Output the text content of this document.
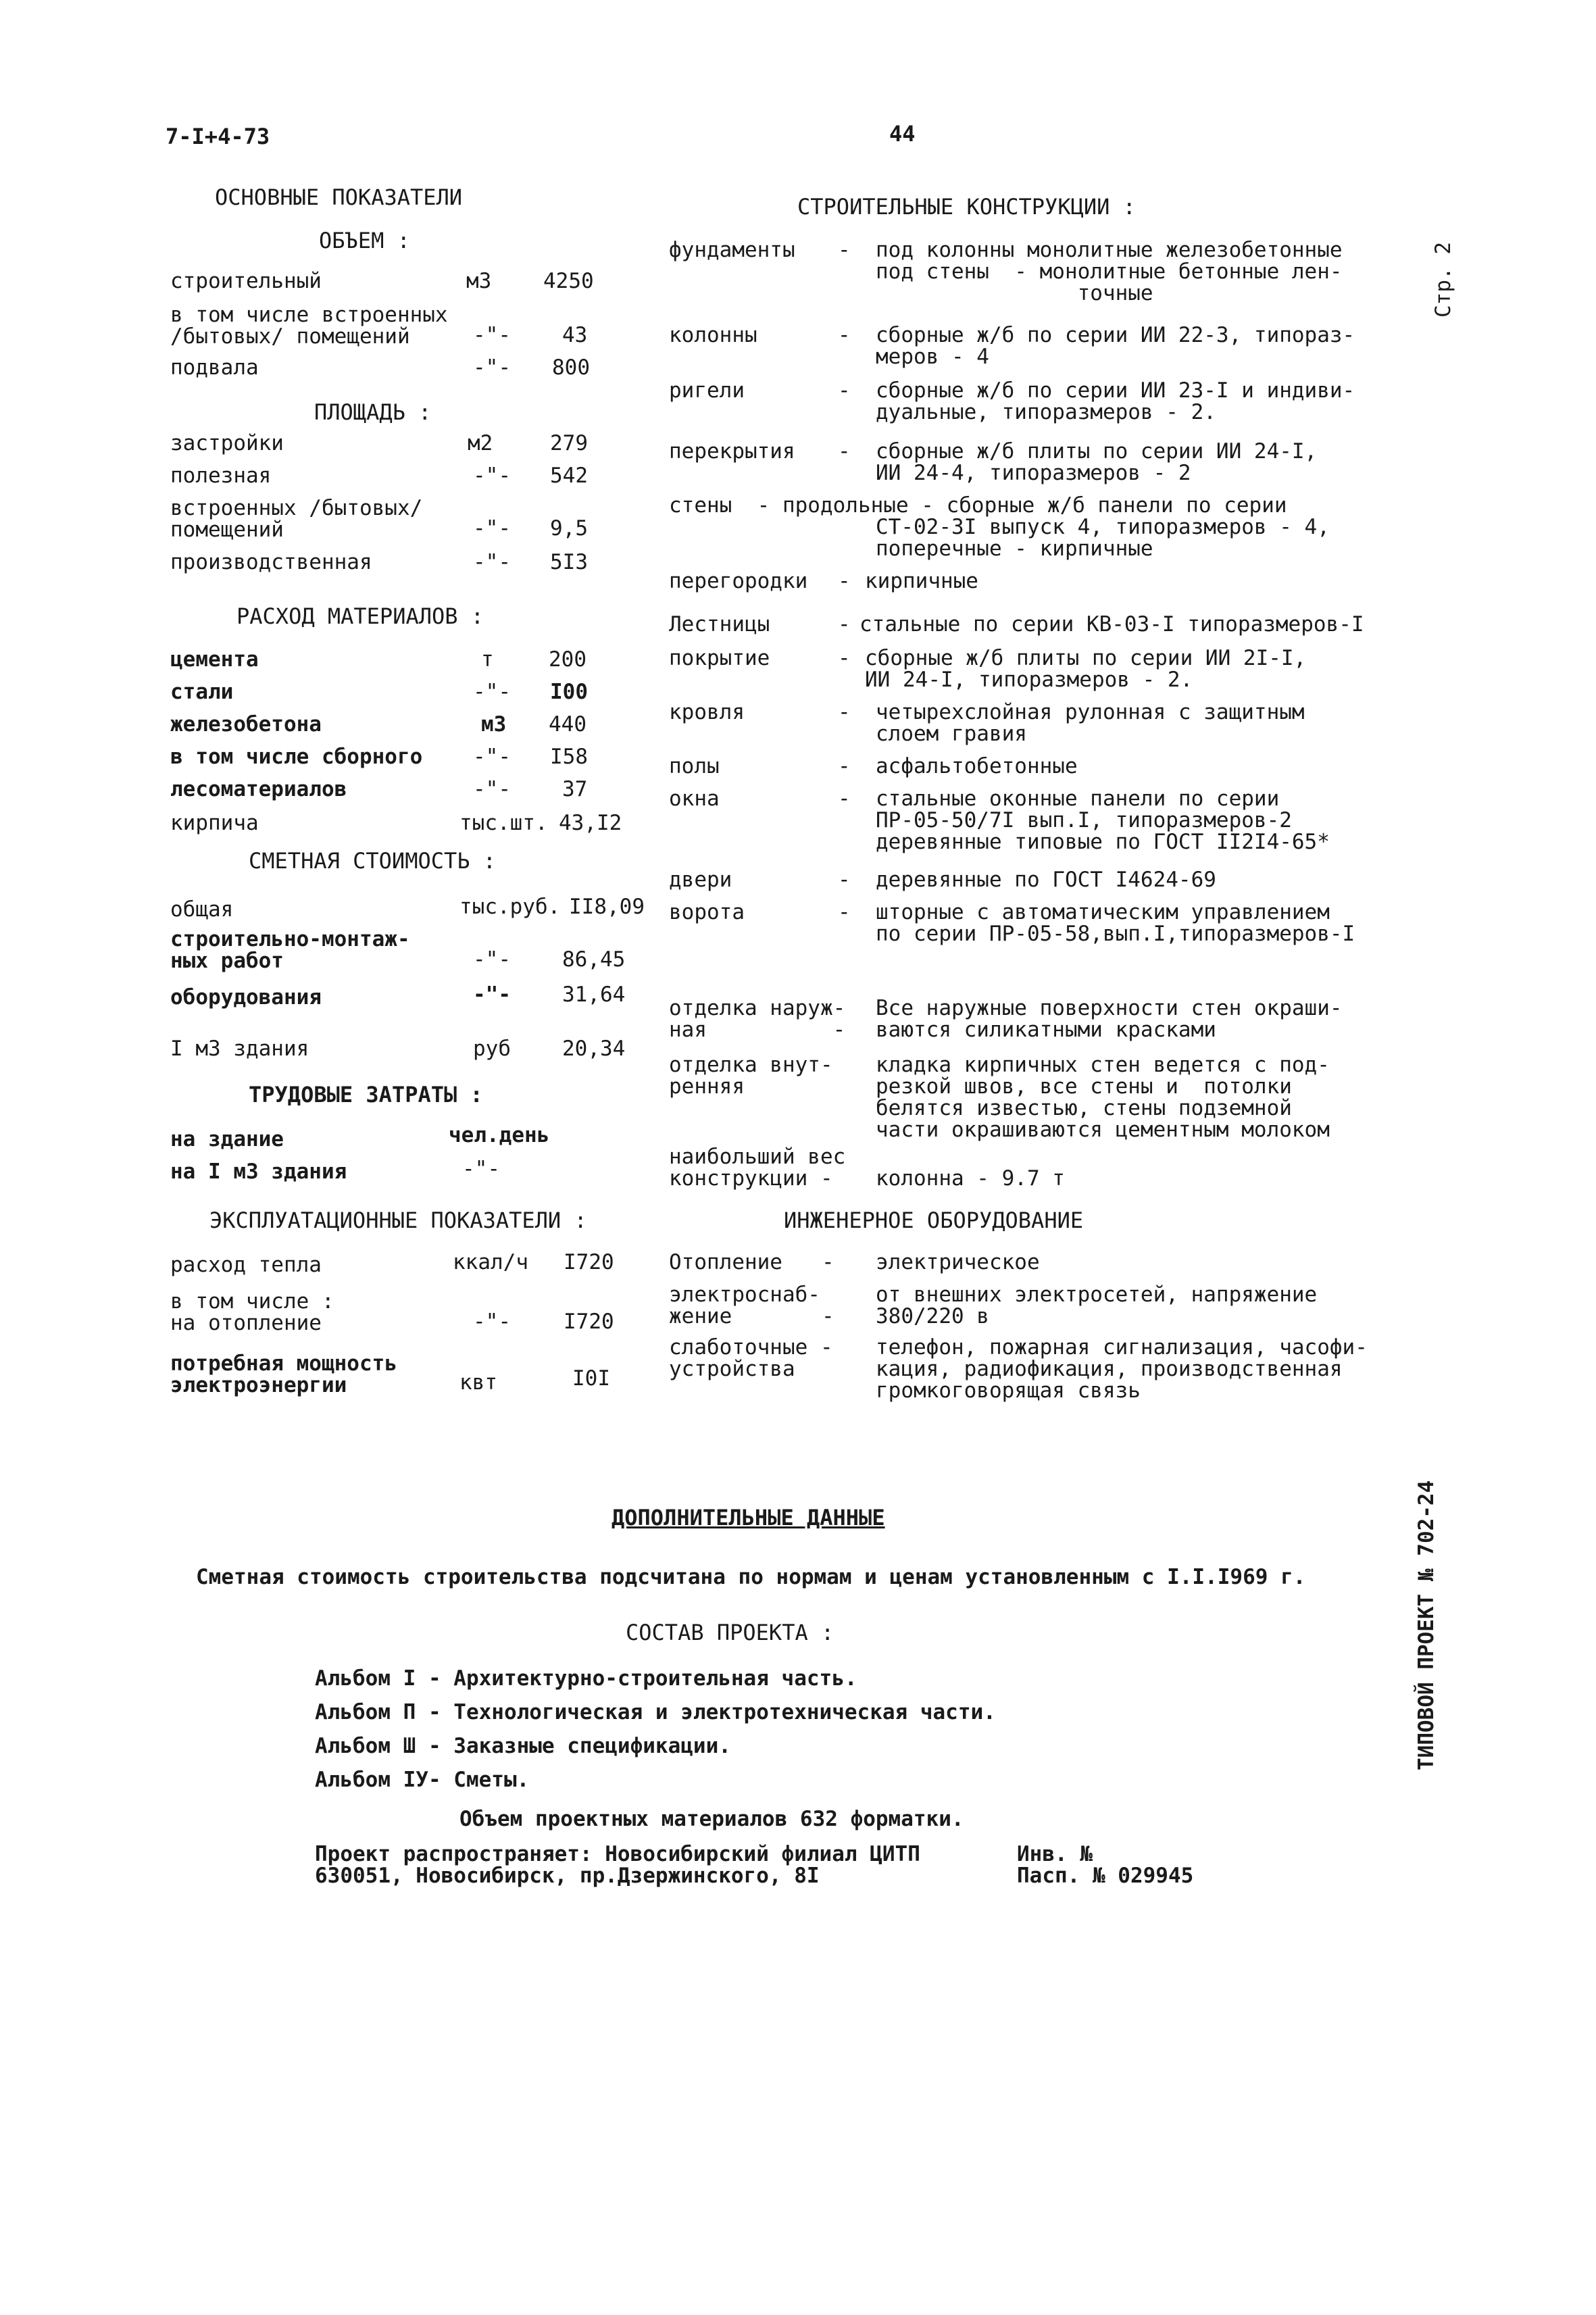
7-I+4-73	44
Стр. 2
ТИПОВОЙ ПРОЕКТ № 702-24
ОСНОВНЫЕ ПОКАЗАТЕЛИ
ОБЪЕМ :
строительный	м3 4250
в том числе встроенных
/бытовых/ помещений	-"- 43
подвала	-"- 800
ПЛОЩАДЬ :
застройки	м2	279
полезная	-"- 542
встроенных /бытовых/
помещений	-"- 9,5
производственная	-"- 5I3
РАСХОД МАТЕРИАЛОВ :
цемента	т	200
стали	-"- I00
железобетона	м3 440
в том числе сборного -"- I58
лесоматериалов	-"- 37
кирпича	тыс.шт. 43,I2
СМЕТНАЯ СТОИМОСТЬ :
общая	тыс.руб. II8,09
строительно-монтаж-
ных работ	-"- 86,45
оборудования	-"- 31,64
I м3 здания	руб 20,34
ТРУДОВЫЕ ЗАТРАТЫ :
на здание	чел.день
на I м3 здания	-"-
ЭКСПЛУАТАЦИОННЫЕ ПОКАЗАТЕЛИ :
расход тепла	ккал/ч I720
в том числе :
на отопление	-"-	I720
потребная мощность
электроэнергии	квт	I0I
СТРОИТЕЛЬНЫЕ КОНСТРУКЦИИ :
фундаменты - под колонны монолитные железобетонные
под стены  - монолитные бетонные лен-
точные
колонны	- сборные ж/б по серии ИИ 22-3, типораз-
меров - 4
ригели	- сборные ж/б по серии ИИ 23-I и индиви-
дуальные, типоразмеров - 2.
перекрытия - сборные ж/б плиты по серии ИИ 24-I,
ИИ 24-4, типоразмеров - 2
стены  - продольные - сборные ж/б панели по серии
СТ-02-3I выпуск 4, типоразмеров - 4,
поперечные - кирпичные
перегородки - кирпичные
Лестницы	- стальные по серии КВ-03-I типоразмеров-I
покрытие	- сборные ж/б плиты по серии ИИ 2I-I,
ИИ 24-I, типоразмеров - 2.
кровля	- четырехслойная рулонная с защитным
слоем гравия
полы	- асфальтобетонные
окна	- стальные оконные панели по серии
ПР-05-50/7I вып.I, типоразмеров-2
деревянные типовые по ГОСТ II2I4-65*
двери	- деревянные по ГОСТ I4624-69
ворота	- шторные с автоматическим управлением
по серии ПР-05-58,вып.I,типоразмеров-I
отделка наруж-
ная          -
Все наружные поверхности стен окраши-
ваются силикатными красками
отделка внут-
ренняя
кладка кирпичных стен ведется с под-
резкой швов, все стены и  потолки
белятся известью, стены подземной
части окрашиваются цементным молоком
наибольший вес
конструкции -	
колонна - 9.7 т
ИНЖЕНЕРНОЕ ОБОРУДОВАНИЕ
Отопление - электрическое
электроснаб-
жение	-
от внешних электросетей, напряжение
380/220 в
слаботочные -
устройства
телефон, пожарная сигнализация, часофи-
кация, радиофикация, производственная
громкоговорящая связь
ДОПОЛНИТЕЛЬНЫЕ ДАННЫЕ
Сметная стоимость строительства подсчитана по нормам и ценам установленным с I.I.I969 г.
СОСТАВ ПРОЕКТА :
Альбом I - Архитектурно-строительная часть.
Альбом П - Технологическая и электротехническая части.
Альбом Ш - Заказные спецификации.
Альбом IУ- Сметы.
Объем проектных материалов 632 форматки.
Проект распространяет: Новосибирский филиал ЦИТП
630051, Новосибирск, пр.Дзержинского, 8I
Инв. №
Пасп. № 029945
